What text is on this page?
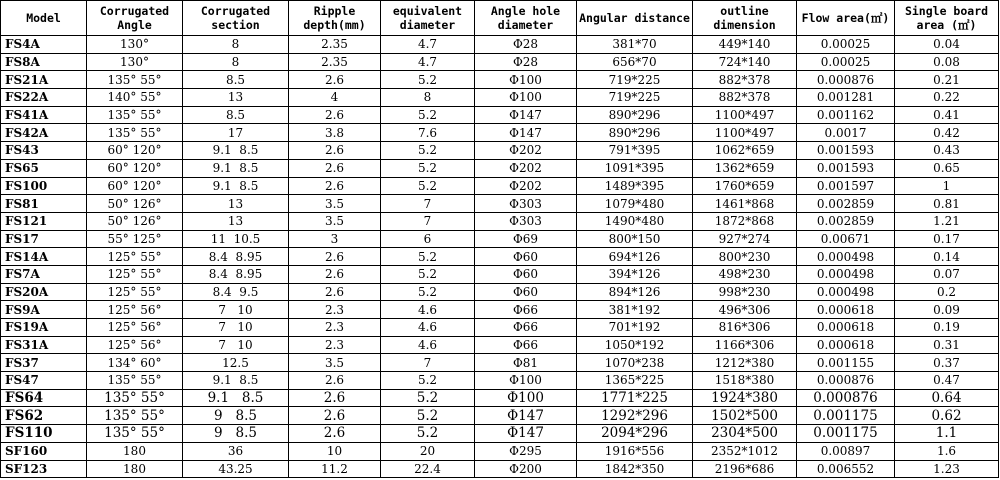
Model	Corrugated Angle	Corrugated section	Ripple depth(mm)	equivalent diameter	Angle hole diameter	Angular distance	outline dimension	Flow area(㎡)	Single board area (㎡)
FS4A	130°	8	2.35	4.7	Φ28	381*70	449*140	0.00025	0.04
FS8A	130°	8	2.35	4.7	Φ28	656*70	724*140	0.00025	0.08
FS21A	135° 55°	8.5	2.6	5.2	Φ100	719*225	882*378	0.000876	0.21
FS22A	140° 55°	13	4	8	Φ100	719*225	882*378	0.001281	0.22
FS41A	135° 55°	8.5	2.6	5.2	Φ147	890*296	1100*497	0.001162	0.41
FS42A	135° 55°	17	3.8	7.6	Φ147	890*296	1100*497	0.0017	0.42
FS43	60° 120°	9.1  8.5	2.6	5.2	Φ202	791*395	1062*659	0.001593	0.43
FS65	60° 120°	9.1  8.5	2.6	5.2	Φ202	1091*395	1362*659	0.001593	0.65
FS100	60° 120°	9.1  8.5	2.6	5.2	Φ202	1489*395	1760*659	0.001597	1
FS81	50° 126°	13	3.5	7	Φ303	1079*480	1461*868	0.002859	0.81
FS121	50° 126°	13	3.5	7	Φ303	1490*480	1872*868	0.002859	1.21
FS17	55° 125°	11  10.5	3	6	Φ69	800*150	927*274	0.00671	0.17
FS14A	125° 55°	8.4  8.95	2.6	5.2	Φ60	694*126	800*230	0.000498	0.14
FS7A	125° 55°	8.4  8.95	2.6	5.2	Φ60	394*126	498*230	0.000498	0.07
FS20A	125° 55°	8.4  9.5	2.6	5.2	Φ60	894*126	998*230	0.000498	0.2
FS9A	125° 56°	7   10	2.3	4.6	Φ66	381*192	496*306	0.000618	0.09
FS19A	125° 56°	7   10	2.3	4.6	Φ66	701*192	816*306	0.000618	0.19
FS31A	125° 56°	7   10	2.3	4.6	Φ66	1050*192	1166*306	0.000618	0.31
FS37	134° 60°	12.5	3.5	7	Φ81	1070*238	1212*380	0.001155	0.37
FS47	135° 55°	9.1  8.5	2.6	5.2	Φ100	1365*225	1518*380	0.000876	0.47
FS64	135° 55°	9.1   8.5	2.6	5.2	Φ100	1771*225	1924*380	0.000876	0.64
FS62	135° 55°	9   8.5	2.6	5.2	Φ147	1292*296	1502*500	0.001175	0.62
FS110	135° 55°	9   8.5	2.6	5.2	Φ147	2094*296	2304*500	0.001175	1.1
SF160	180	36	10	20	Φ295	1916*556	2352*1012	0.00897	1.6
SF123	180	43.25	11.2	22.4	Φ200	1842*350	2196*686	0.006552	1.23
